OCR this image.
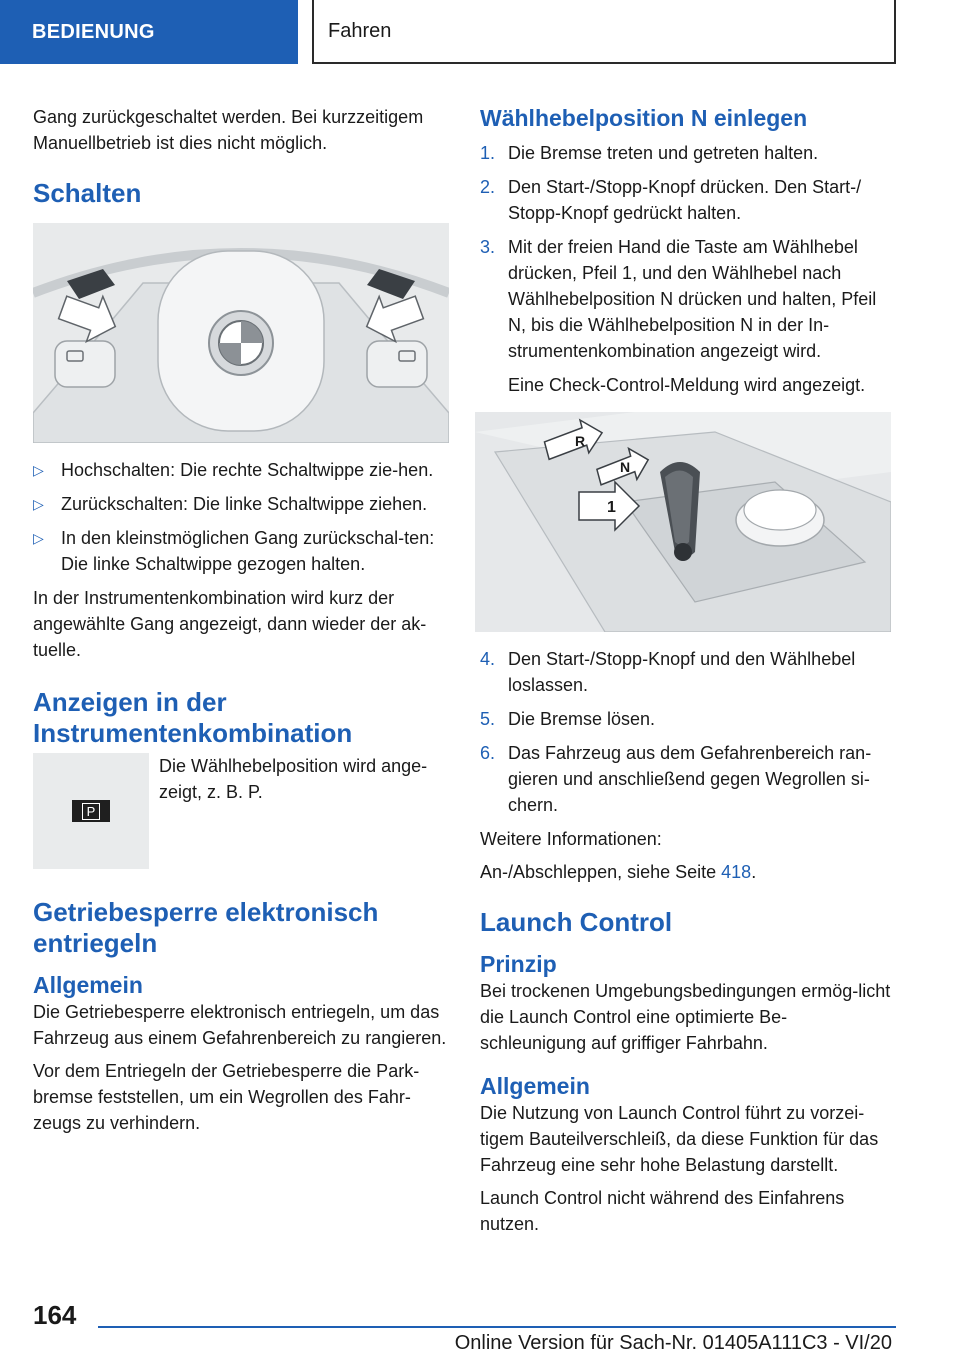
BEDIENUNG	Fahren

Gang zurückgeschaltet werden. Bei kurzzeitigem Manuellbetrieb ist dies nicht möglich.

Schalten
▷ Hochschalten: Die rechte Schaltwippe zie‐hen.
▷ Zurückschalten: Die linke Schaltwippe ziehen.
▷ In den kleinstmöglichen Gang zurückschal‐ten: Die linke Schaltwippe gezogen halten.

In der Instrumentenkombination wird kurz der angewählte Gang angezeigt, dann wieder der ak‐tuelle.

Anzeigen in der Instrumentenkombination
P

Die Wählhebelposition wird ange‐zeigt, z. B. P.

Getriebesperre elektronisch entriegeln
Allgemein

Die Getriebesperre elektronisch entriegeln, um das Fahrzeug aus einem Gefahrenbereich zu rangieren.

Vor dem Entriegeln der Getriebesperre die Park‐bremse feststellen, um ein Wegrollen des Fahr‐zeugs zu verhindern.

Wählhebelposition N einlegen
1. Die Bremse treten und getreten halten.
2. Den Start-/Stopp-Knopf drücken. Den Start-/ Stopp-Knopf gedrückt halten.
3. Mit der freien Hand die Taste am Wählhebel drücken, Pfeil 1, und den Wählhebel nach Wählhebelposition N drücken und halten, Pfeil N, bis die Wählhebelposition N in der In‐strumentenkombination angezeigt wird.

Eine Check-Control-Meldung wird angezeigt.

R
N
1
4. Den Start-/Stopp-Knopf und den Wählhebel loslassen.
5. Die Bremse lösen.
6. Das Fahrzeug aus dem Gefahrenbereich ran‐gieren und anschließend gegen Wegrollen si‐chern.

Weitere Informationen:

An-/Abschleppen, siehe Seite 418.

Launch Control
Prinzip

Bei trockenen Umgebungsbedingungen ermög‐licht die Launch Control eine optimierte Be‐schleunigung auf griffiger Fahrbahn.

Allgemein

Die Nutzung von Launch Control führt zu vorzei‐tigem Bauteilverschleiß, da diese Funktion für das Fahrzeug eine sehr hohe Belastung darstellt.

Launch Control nicht während des Einfahrens nutzen.

164
Online Version für Sach-Nr. 01405A111C3 - VI/20
